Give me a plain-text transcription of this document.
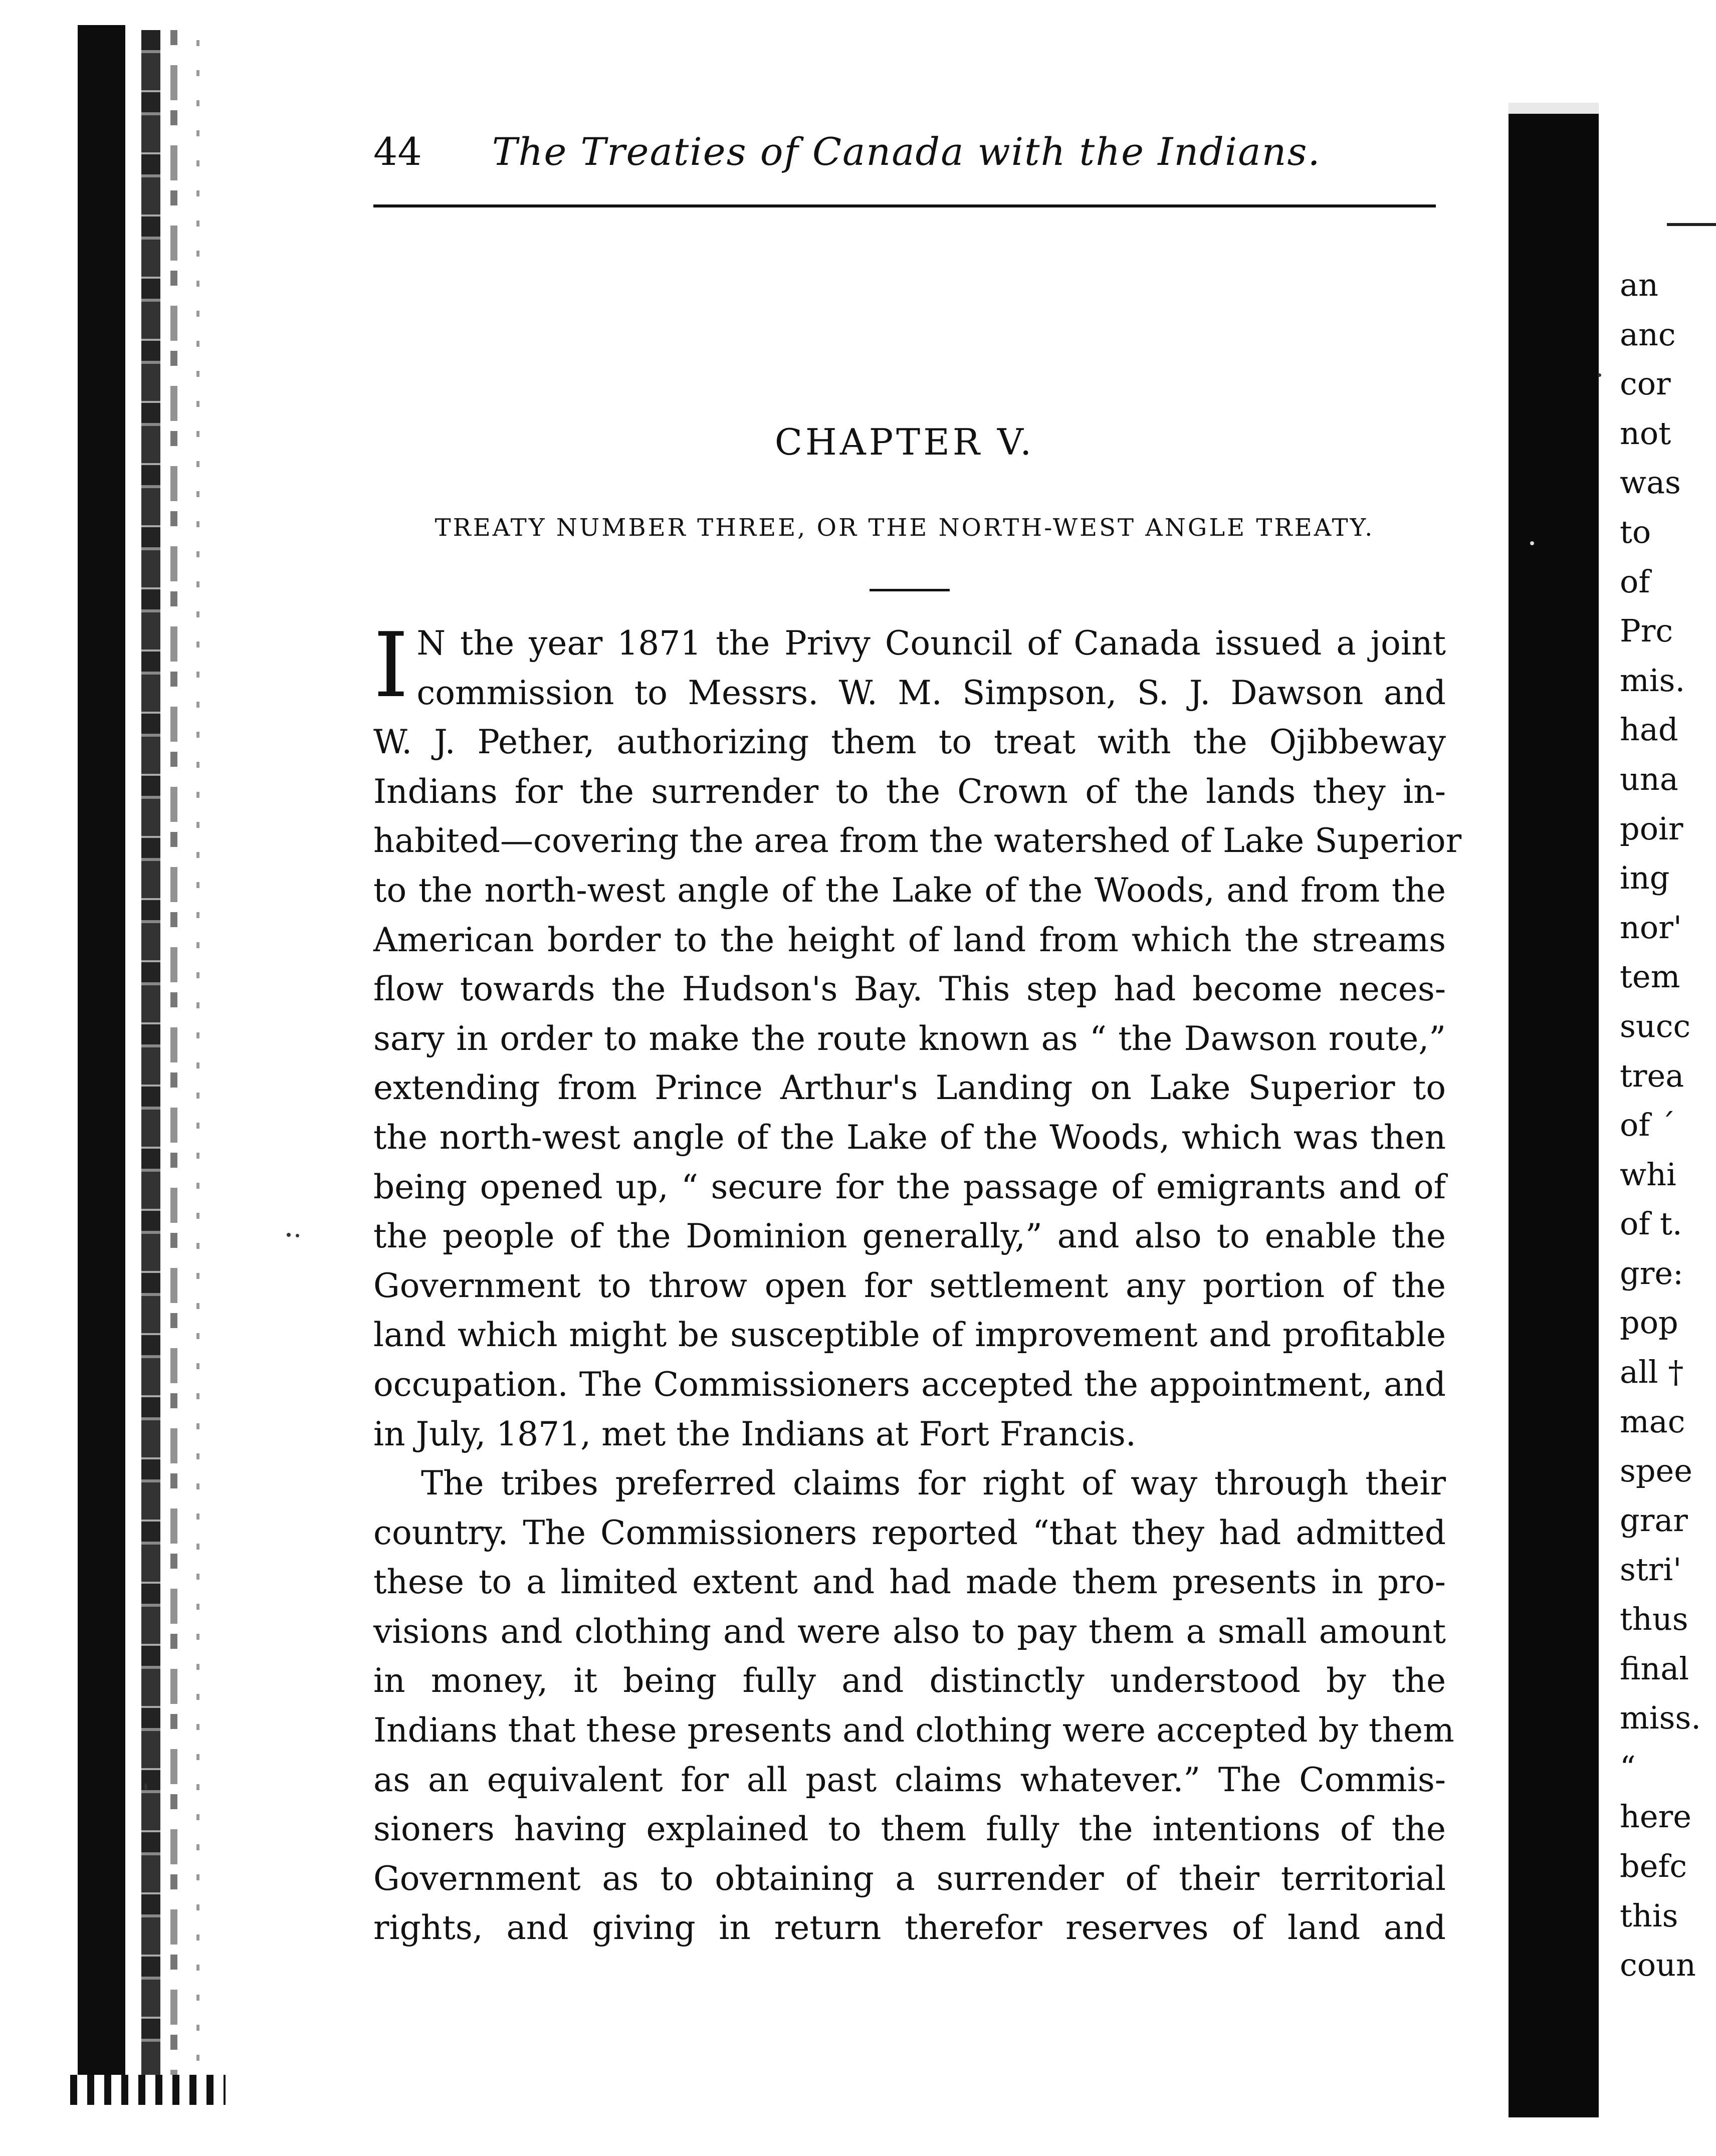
44 The Treaties of Canada with the Indians.
CHAPTER V.
TREATY NUMBER THREE, OR THE NORTH-WEST ANGLE TREATY.
I N the year 1871 the Privy Council of Canada issued a joint
commission to Messrs. W. M. Simpson, S. J. Dawson and
W. J. Pether, authorizing them to treat with the Ojibbeway
Indians for the surrender to the Crown of the lands they in-
habited—covering the area from the watershed of Lake Superior
to the north-west angle of the Lake of the Woods, and from the
American border to the height of land from which the streams
flow towards the Hudson's Bay. This step had become neces-
sary in order to make the route known as “ the Dawson route,”
extending from Prince Arthur's Landing on Lake Superior to
the north-west angle of the Lake of the Woods, which was then
being opened up, “ secure for the passage of emigrants and of
the people of the Dominion generally,” and also to enable the
Government to throw open for settlement any portion of the
land which might be susceptible of improvement and profitable
occupation. The Commissioners accepted the appointment, and
in July, 1871, met the Indians at Fort Francis.
The tribes preferred claims for right of way through their
country. The Commissioners reported “that they had admitted
these to a limited extent and had made them presents in pro-
visions and clothing and were also to pay them a small amount
in money, it being fully and distinctly understood by the
Indians that these presents and clothing were accepted by them
as an equivalent for all past claims whatever.” The Commis-
sioners having explained to them fully the intentions of the
Government as to obtaining a surrender of their territorial
rights, and giving in return therefor reserves of land and
an
anc
cor
not
was
to
of
Prc
mis.
had
una
poir
ing
nor'
tem
succ
trea
of ´
whi
of t.
gre:
pop
all †
mac
spee
grar
stri'
thus
final
miss.
“
here
befc
this
coun
